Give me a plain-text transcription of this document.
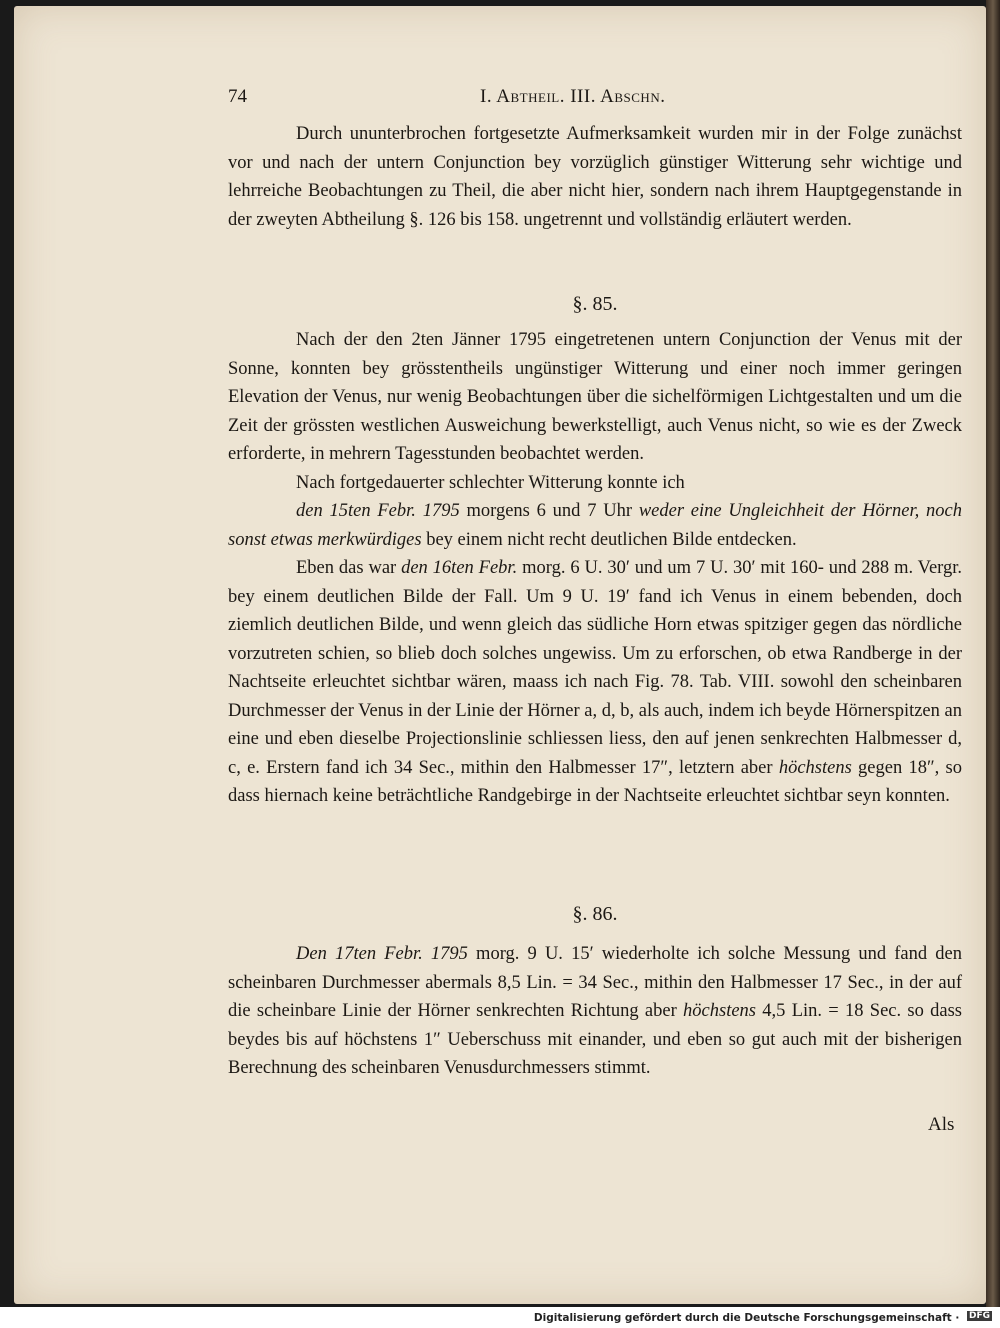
74	I. Abtheil. III. Abschn.

Durch ununterbrochen fortgesetzte Aufmerksamkeit wurden mir in der Folge zunächst vor und nach der untern Conjunction bey vorzüglich günstiger Witterung sehr wichtige und lehrreiche Beobachtungen zu Theil, die aber nicht hier, sondern nach ihrem Hauptgegenstande in der zweyten Abtheilung §. 126 bis 158. ungetrennt und vollständig erläutert werden.

§. 85.

Nach der den 2ten Jänner 1795 eingetretenen untern Conjunction der Venus mit der Sonne, konnten bey grösstentheils ungünstiger Witterung und einer noch immer geringen Elevation der Venus, nur wenig Beobachtungen über die sichelförmigen Lichtgestalten und um die Zeit der grössten westlichen Ausweichung bewerkstelligt, auch Venus nicht, so wie es der Zweck erforderte, in mehrern Tagesstunden beobachtet werden.

Nach fortgedauerter schlechter Witterung konnte ich

den 15ten Febr. 1795 morgens 6 und 7 Uhr weder eine Ungleichheit der Hörner, noch sonst etwas merkwürdiges bey einem nicht recht deutlichen Bilde entdecken.

Eben das war den 16ten Febr. morg. 6 U. 30′ und um 7 U. 30′ mit 160- und 288 m. Vergr. bey einem deutlichen Bilde der Fall. Um 9 U. 19′ fand ich Venus in einem bebenden, doch ziemlich deutlichen Bilde, und wenn gleich das südliche Horn etwas spitziger gegen das nördliche vorzutreten schien, so blieb doch solches ungewiss. Um zu erforschen, ob etwa Randberge in der Nachtseite erleuchtet sichtbar wären, maass ich nach Fig. 78. Tab. VIII. sowohl den scheinbaren Durchmesser der Venus in der Linie der Hörner a, d, b, als auch, indem ich beyde Hörnerspitzen an eine und eben dieselbe Projectionslinie schliessen liess, den auf jenen senkrechten Halbmesser d, c, e. Erstern fand ich 34 Sec., mithin den Halbmesser 17″, letztern aber höchstens gegen 18″, so dass hiernach keine beträchtliche Randgebirge in der Nachtseite erleuchtet sichtbar seyn konnten.

§. 86.

Den 17ten Febr. 1795 morg. 9 U. 15′ wiederholte ich solche Messung und fand den scheinbaren Durchmesser abermals 8,5 Lin. = 34 Sec., mithin den Halbmesser 17 Sec., in der auf die scheinbare Linie der Hörner senkrechten Richtung aber höchstens 4,5 Lin. = 18 Sec. so dass beydes bis auf höchstens 1″ Ueberschuss mit einander, und eben so gut auch mit der bisherigen Berechnung des scheinbaren Venusdurchmessers stimmt.

Als
Digitalisierung gefördert durch die Deutsche Forschungsgemeinschaft · DFG
